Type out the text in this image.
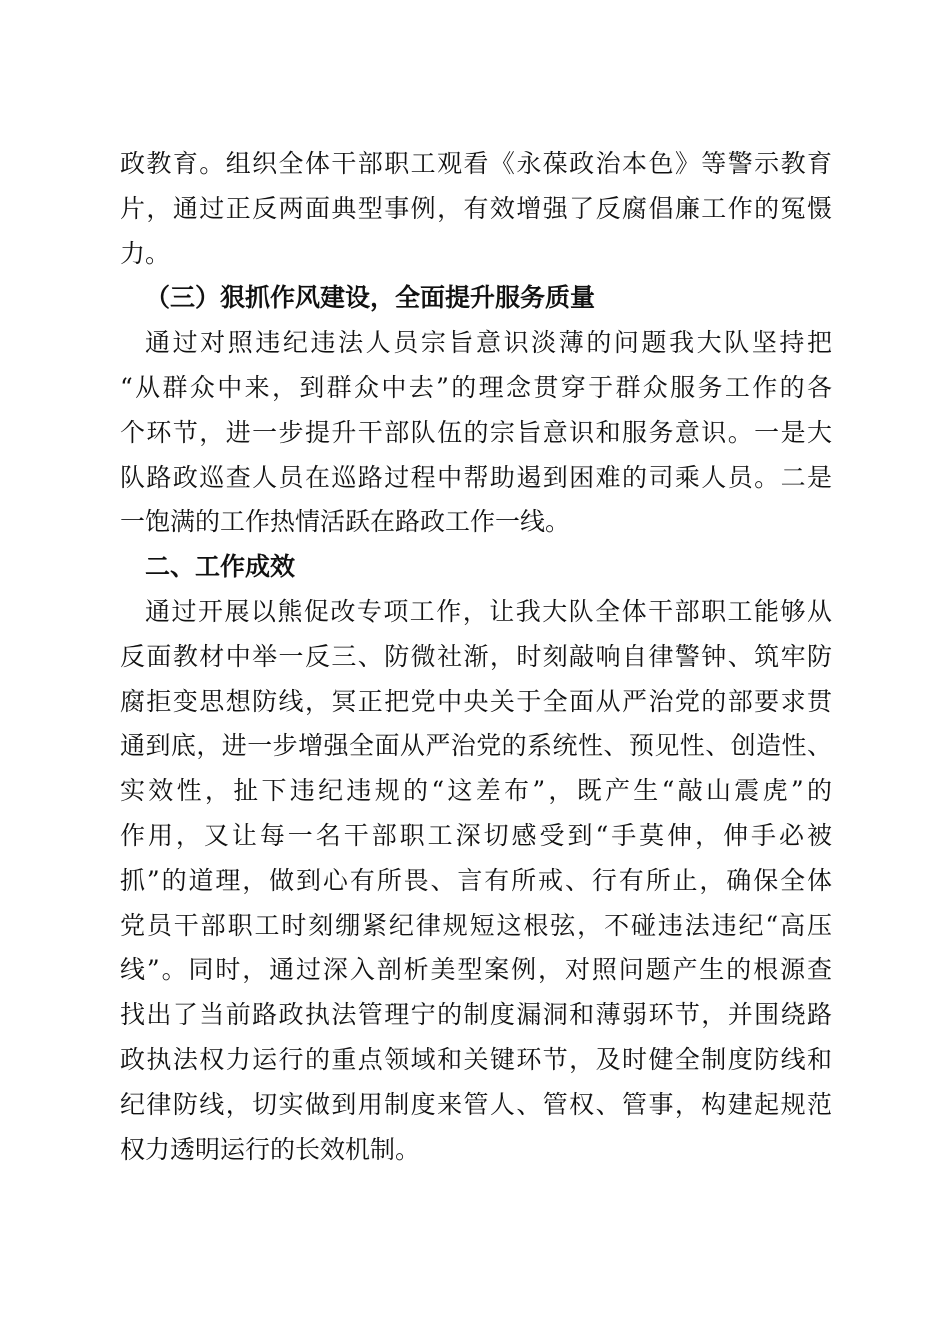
政教育。组织全体干部职工观看《永葆政治本色》等警示教育
片，通过正反两面典型事例，有效增强了反腐倡廉工作的冤慑
力。
（三）狠抓作风建设，全面提升服务质量
通过对照违纪违法人员宗旨意识淡薄的问题我大队坚持把
“从群众中来，到群众中去”的理念贯穿于群众服务工作的各
个环节，进一步提升干部队伍的宗旨意识和服务意识。一是大
队路政巡查人员在巡路过程中帮助遏到困难的司乘人员。二是
一饱满的工作热情活跃在路政工作一线。
二、工作成效
通过开展以熊促改专项工作，让我大队全体干部职工能够从
反面教材中举一反三、防微社渐，时刻敲响自律警钟、筑牢防
腐拒变思想防线，冥正把党中央关于全面从严治党的部要求贯
通到底，进一步增强全面从严治党的系统性、预见性、创造性、
实效性，扯下违纪违规的“这差布”，既产生“敲山震虎”的
作用，又让每一名干部职工深切感受到“手莫伸，伸手必被
抓”的道理，做到心有所畏、言有所戒、行有所止，确保全体
党员干部职工时刻绷紧纪律规短这根弦，不碰违法违纪“高压
线”。同时，通过深入剖析美型案例，对照问题产生的根源查
找出了当前路政执法管理宁的制度漏洞和薄弱环节，并围绕路
政执法权力运行的重点领域和关键环节，及时健全制度防线和
纪律防线，切实做到用制度来管人、管权、管事，构建起规范
权力透明运行的长效机制。
